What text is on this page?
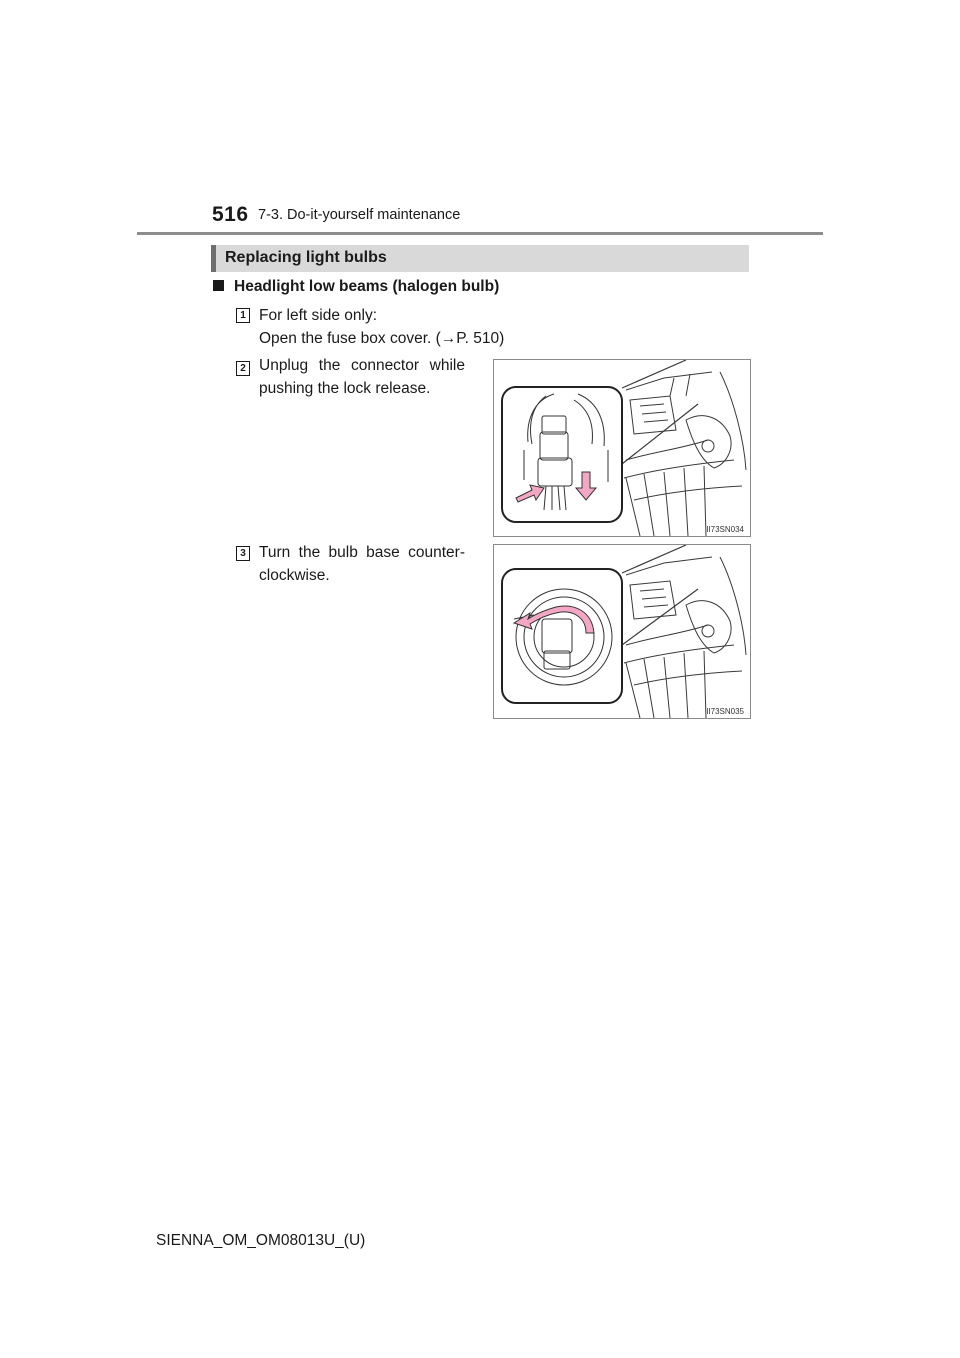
516 7-3. Do-it-yourself maintenance
Replacing light bulbs
Headlight low beams (halogen bulb)
1 For left side only:
Open the fuse box cover. (→P. 510)
2 Unplug the connector while pushing the lock release.
II73SN034
3 Turn the bulb base counter-clockwise.
II73SN035
SIENNA_OM_OM08013U_(U)
